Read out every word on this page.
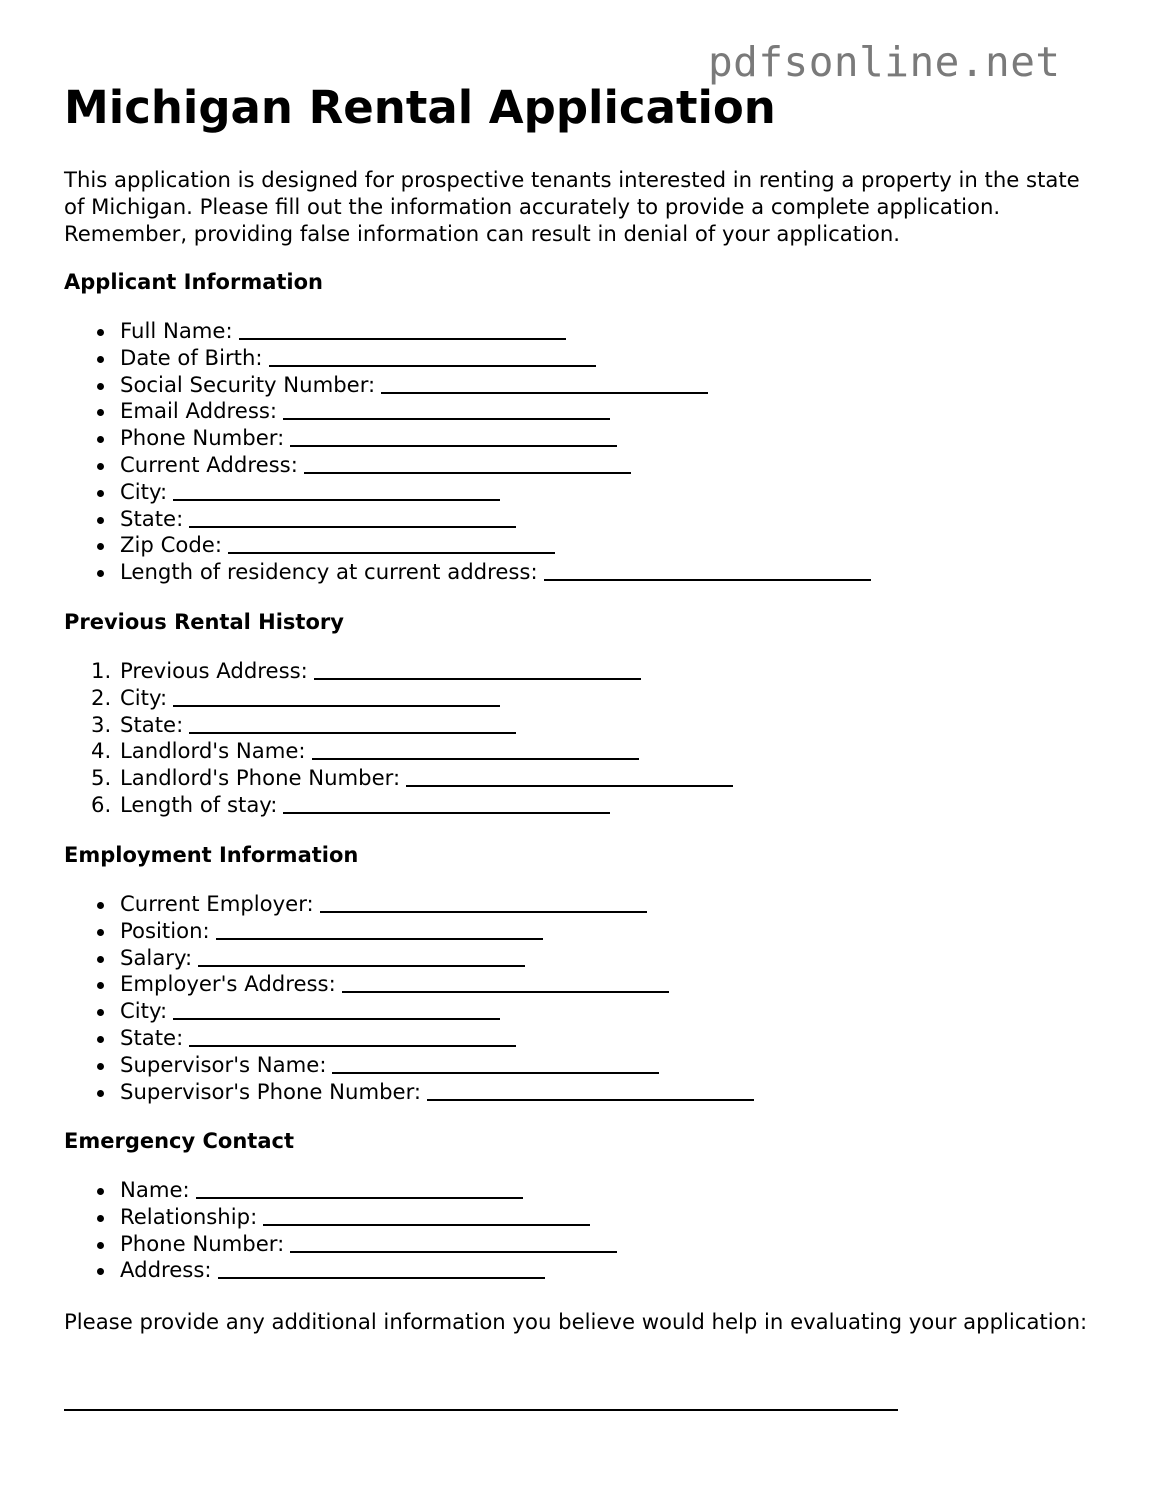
pdfsonline.net
Michigan Rental Application

This application is designed for prospective tenants interested in renting a property in the state of Michigan. Please fill out the information accurately to provide a complete application. Remember, providing false information can result in denial of your application.

Applicant Information
Full Name:
Date of Birth:
Social Security Number:
Email Address:
Phone Number:
Current Address:
City:
State:
Zip Code:
Length of residency at current address:
Previous Rental History
1. Previous Address:
2. City:
3. State:
4. Landlord's Name:
5. Landlord's Phone Number:
6. Length of stay:
Employment Information
Current Employer:
Position:
Salary:
Employer's Address:
City:
State:
Supervisor's Name:
Supervisor's Phone Number:
Emergency Contact
Name:
Relationship:
Phone Number:
Address:

Please provide any additional information you believe would help in evaluating your application:
